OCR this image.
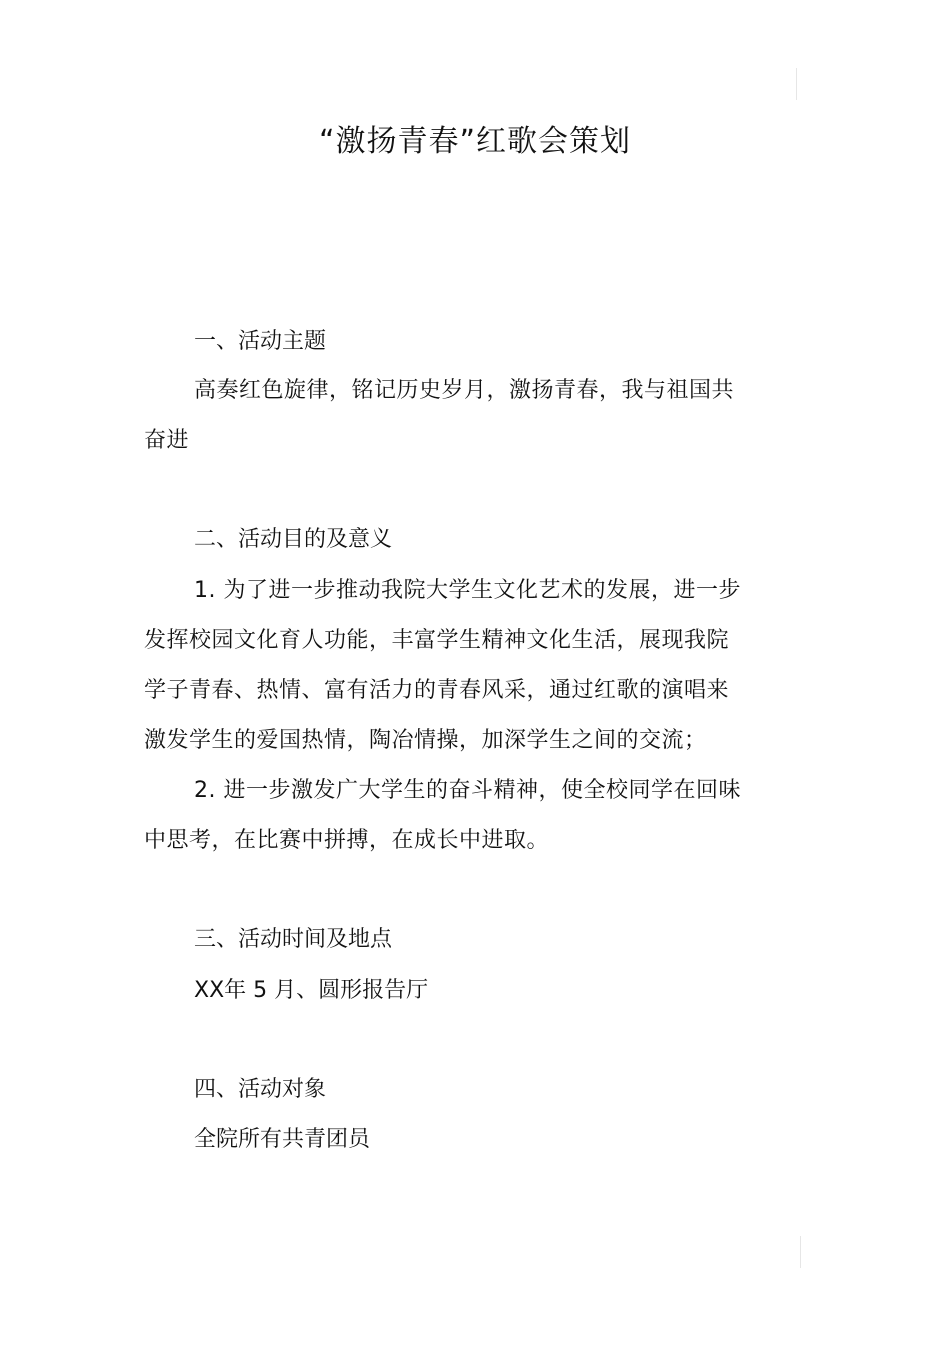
“激扬青春”红歌会策划
一、活动主题
高奏红色旋律，铭记历史岁月，激扬青春，我与祖国共奋进
二、活动目的及意义
1. 为了进一步推动我院大学生文化艺术的发展，进一步发挥校园文化育人功能，丰富学生精神文化生活，展现我院学子青春、热情、富有活力的青春风采，通过红歌的演唱来激发学生的爱国热情，陶冶情操，加深学生之间的交流；
2. 进一步激发广大学生的奋斗精神，使全校同学在回味中思考，在比赛中拼搏，在成长中进取。
三、活动时间及地点
XX年 5 月、圆形报告厅
四、活动对象
全院所有共青团员
